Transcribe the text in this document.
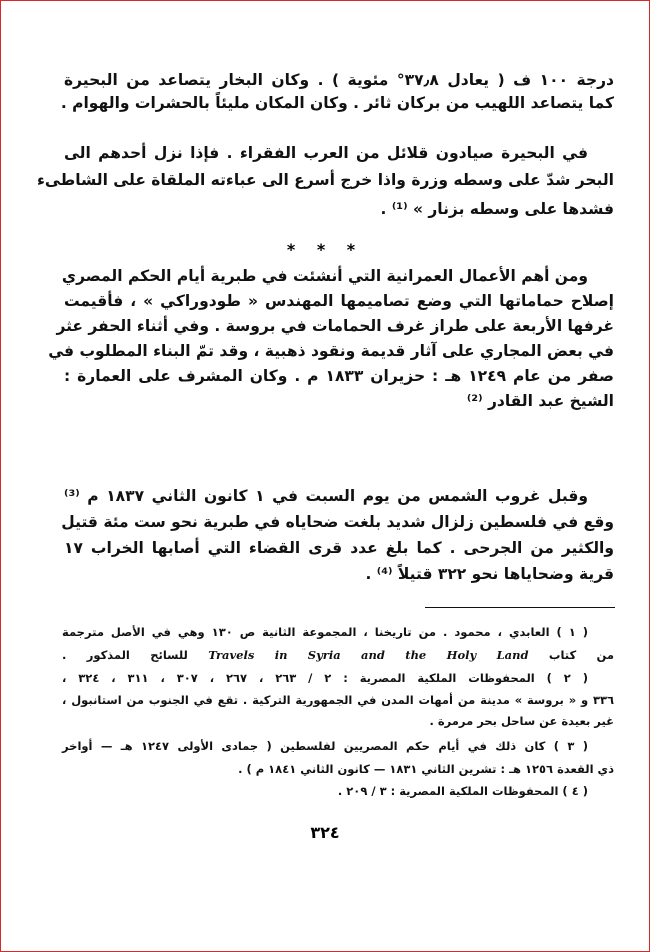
درجة ١٠٠ ف ( يعادل ٣٧٫٨° مئوية ) . وكان البخار يتصاعد من البحيرة
كما يتصاعد اللهيب من بركان ثائر . وكان المكان مليئاً بالحشرات والهوام .
في البحيرة صيادون قلائل من العرب الفقراء . فإذا نزل أحدهم الى
البحر شدّ على وسطه وزرة واذا خرج أسرع الى عباءته الملقاة على الشاطىء
فشدها على وسطه بزنار » ⁽¹⁾ .
* * *
ومن أهم الأعمال العمرانية التي أنشئت في طبرية أيام الحكم المصري
إصلاح حماماتها التي وضع تصاميمها المهندس « طودوراكي » ، فأقيمت
غرفها الأربعة على طراز غرف الحمامات في بروسة . وفي أثناء الحفر عثر
في بعض المجاري على آثار قديمة ونقود ذهبية ، وقد تمّ البناء المطلوب في
صفر من عام ١٢٤٩ هـ : حزيران ١٨٣٣ م . وكان المشرف على العمارة :
الشيخ عبد القادر ⁽²⁾
وقبل غروب الشمس من يوم السبت في ١ كانون الثاني ١٨٣٧ م ⁽³⁾
وقع في فلسطين زلزال شديد بلغت ضحاياه في طبرية نحو ست مئة قتيل
والكثير من الجرحى . كما بلغ عدد قرى القضاء التي أصابها الخراب ١٧
قرية وضحاياها نحو ٣٢٢ قتيلاً ⁽⁴⁾ .
( ١ ) العابدي ، محمود . من تاريخنا ، المجموعة الثانية ص ١٣٠ وهي في الأصل مترجمة
من كتاب Travels in Syria and the Holy Land للسائح المذكور .
( ٢ ) المحفوظات الملكية المصرية : ٢ / ٢٦٣ ، ٢٦٧ ، ٣٠٧ ، ٣١١ ، ٣٢٤ ،
٣٣٦ و « بروسة » مدينة من أمهات المدن في الجمهورية التركية . تقع في الجنوب من استانبول ،
غير بعيدة عن ساحل بحر مرمرة .
( ٣ ) كان ذلك في أيام حكم المصريين لفلسطين ( جمادى الأولى ١٢٤٧ هـ — أواخر
ذي القعدة ١٢٥٦ هـ : تشرين الثاني ١٨٣١ — كانون الثاني ١٨٤١ م ) .
( ٤ ) المحفوظات الملكية المصرية : ٣ / ٢٠٩ .
٣٢٤
